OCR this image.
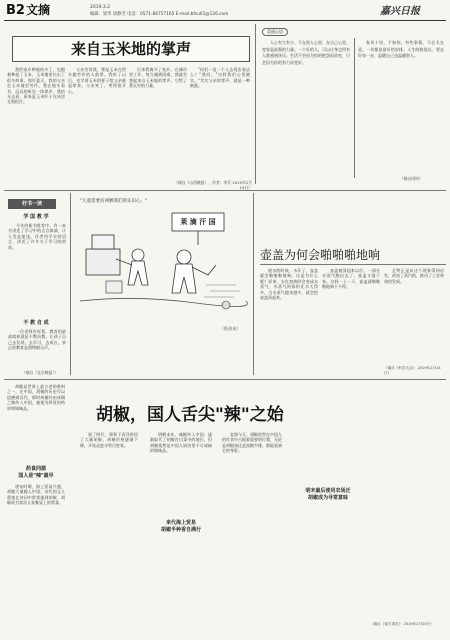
B2 文摘	2019.3.2
编辑：梁华 徐静芳 电话：0571-86757165 E-mail:bfsu01@126.com	嘉兴日报
来自玉米地的掌声

我的家乡种地的多了，也跟着种起了玉米，玉米地里长出了很多故事。那年夏天，我的父亲在玉米地里劳作，我在地头看书，远远的听见一阵掌声，我抬头去看，原来是玉米叶子在风里互相拍打。

父亲告诉我，那是玉米在给辛勤劳作的人鼓掌。我听了以后，也学着玉米的样子给父亲鼓起掌来。父亲笑了，笑得很开心。

后来我离开了家乡，在城市里工作，每当遇到困难，我就会想起来自玉米地的掌声，它给了我无穷的力量。

"你们一直一个人去逛农家店么？"我问。"这样我们心里踏实。"其实父亲的掌声，就是一种鼓励。

（摘自《山西晚报》，作者：李兵 2019年2月19日）
美丽心语

人心有大有小，不在别人心里，在自己心里，宽容是最强的力量。一个好的人，可以让身边所有人都感到快乐。生活不会因为你的抱怨而改变，只会因为你的努力而变好。

春风十里，不如你。有些事情，不必太在意。一切都是最好的安排。人生的路很长，要走好每一步，温暖自己也温暖别人。

（摘自网络）
好书一读
学 国 教 学

今年的新书推荐中，有一本书讲述了学习中的点点滴滴，让人受益匪浅。作者用平实的语言，讲述了许多关于学习的故事。

不 教 自 成

一位老师告诉我，教育的最高境界就是不教而教，让孩子自己去发现，去学习，去成长。真正的教育是润物细无声。

（摘自《北京晚报》）
"儿童需要有两颗我们的认识心。"
莱 滴 汗 国
（图/张成）
壶盖为何会啪啪啪地响

烧水的时候，水开了，壶盖就会啪啪啪地响。这是为什么呢？原来，水在加热时会变成水蒸气，水蒸气的体积比水大得多，当水蒸气越来越多，就会把壶盖顶起来。

壶盖被顶起来以后，一部分水蒸气跑出去了，壶盖又落下来。这样一上一下，壶盖就啪啪啪地响个不停。

瓦特正是从这个现象得到启发，改良了蒸汽机，推动了工业革命的发展。

（摘自《科学大众》 2019年2月14日）
胡椒，国人舌尖"辣"之始

胡椒是世界上最古老的香料之一。在中国，胡椒的历史可以追溯到汉代，那时胡椒经由丝绸之路传入中国，被视为珍贵的药材和调味品。

药食同源
国人是"辣"最早

唐宋时期，海上贸易兴盛，胡椒大量输入中国。宋代的文人墨客在诗词中常常提到胡椒，胡椒成为富贵人家餐桌上的常客。

到了明代，郑和下西洋带回了大量胡椒，胡椒价格逐渐下降，开始走进寻常百姓家。

来代海上贸易
胡椒半种香自满行

明朝末年，辣椒传入中国，逐渐取代了胡椒在川菜中的地位，但胡椒依然是中国人厨房里不可或缺的调味品。

直到今天，胡椒依然在中国人的饮食中占据着重要的位置，无论是胡椒汤还是黑椒牛排，都能看到它的身影。

明末最后使用农场泛
胡椒成为寻常意味
（摘自《南方周末》 2019年2月20日）
